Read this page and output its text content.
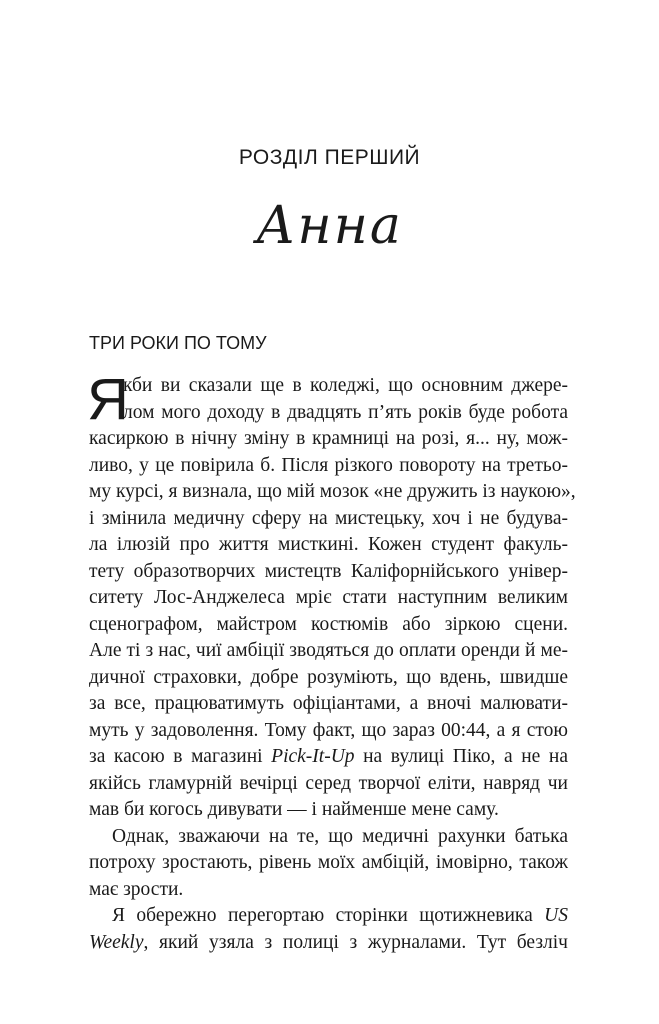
РОЗДІЛ ПЕРШИЙ
Анна
ТРИ РОКИ ПО ТОМУ
Я
кби ви сказали ще в коледжі, що основним джере-
лом мого доходу в двадцять п’ять років буде робота
касиркою в нічну зміну в крамниці на розі, я... ну, мож-
ливо, у це повірила б. Після різкого повороту на третьо-
му курсі, я визнала, що мій мозок «не дружить із наукою»,
і змінила медичну сферу на мистецьку, хоч і не будува-
ла ілюзій про життя мисткині. Кожен студент факуль-
тету образотворчих мистецтв Каліфорнійського універ-
ситету Лос-Анджелеса мріє стати наступним великим
сценографом, майстром костюмів або зіркою сцени.
Але ті з нас, чиї амбіції зводяться до оплати оренди й ме-
дичної страховки, добре розуміють, що вдень, швидше
за все, працюватимуть офіціантами, а вночі малювати-
муть у задоволення. Тому факт, що зараз 00:44, а я стою
за касою в магазині Pick-It-Up на вулиці Піко, а не на
якійсь гламурній вечірці серед творчої еліти, навряд чи
мав би когось дивувати — і найменше мене саму.
Однак, зважаючи на те, що медичні рахунки батька
потроху зростають, рівень моїх амбіцій, імовірно, також
має зрости.
Я обережно перегортаю сторінки щотижневика US
Weekly, який узяла з полиці з журналами. Тут безліч
